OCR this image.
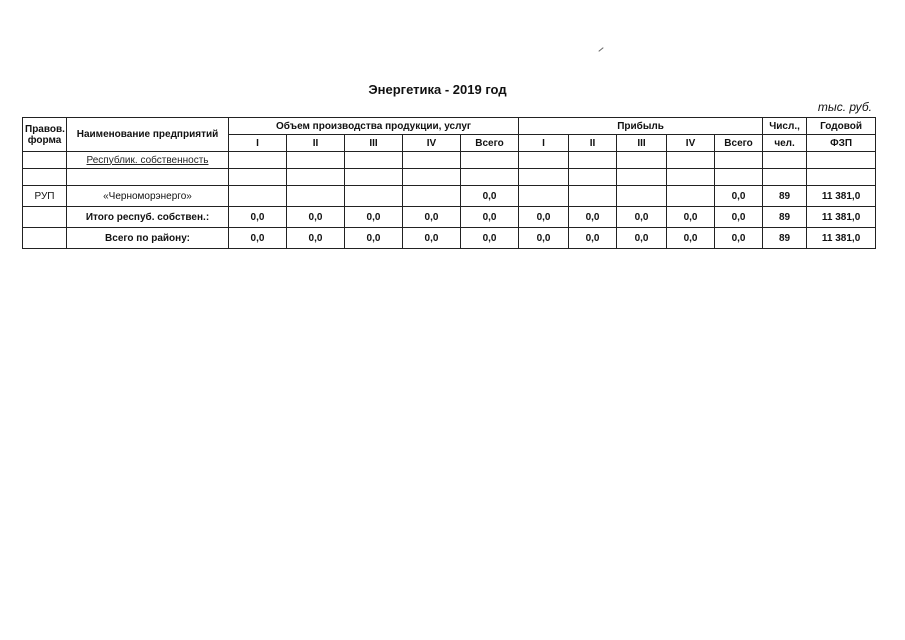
Энергетика - 2019 год
тыс. руб.
Правов.
форма	Наименование предприятий	Объем производства продукции, услуг					Прибыль					Числ.,	Годовой
		I	II	III	IV	Всего	I	II	III	IV	Всего	чел.	ФЗП
	Республик. собственность												

РУП	«Черноморэнерго»					0,0					0,0	89	11 381,0
	Итого респуб. собствен.:	0,0	0,0	0,0	0,0	0,0	0,0	0,0	0,0	0,0	0,0	89	11 381,0
	Всего по району:	0,0	0,0	0,0	0,0	0,0	0,0	0,0	0,0	0,0	0,0	89	11 381,0
